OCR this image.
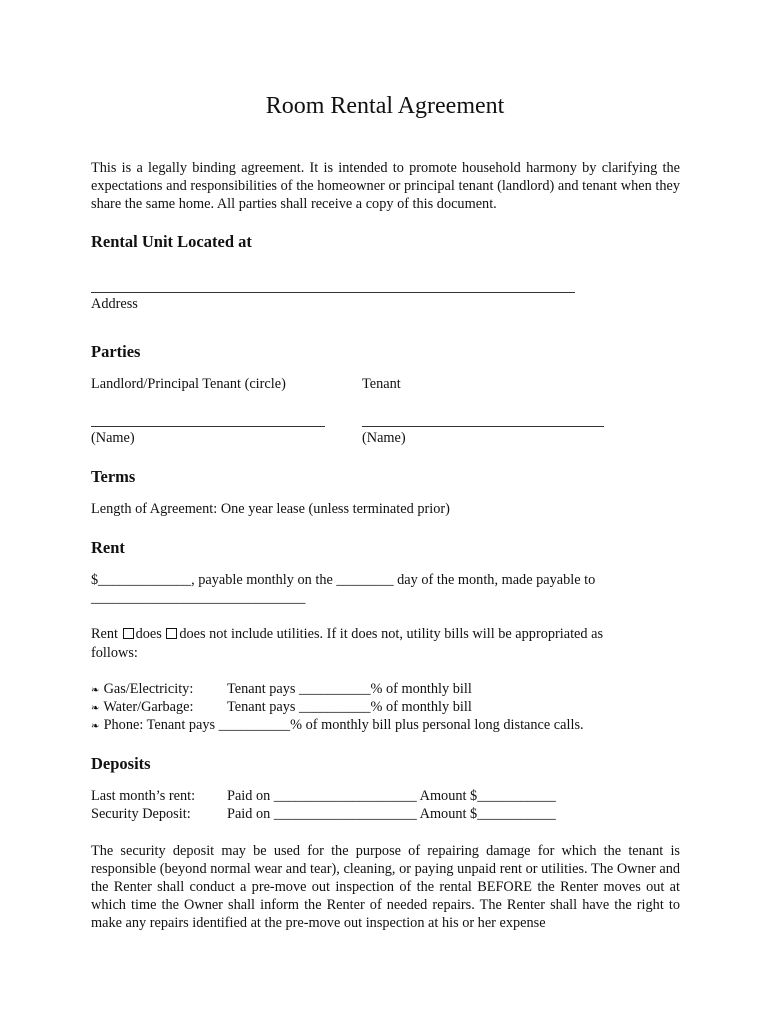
Room Rental Agreement
This is a legally binding agreement. It is intended to promote household harmony by clarifying the expectations and responsibilities of the homeowner or principal tenant (landlord) and tenant when they share the same home. All parties shall receive a copy of this document.
Rental Unit Located at
Address
Parties
Landlord/Principal Tenant (circle)	Tenant
(Name)	(Name)
Terms
Length of Agreement: One year lease (unless terminated prior)
Rent
$_____________, payable monthly on the ________ day of the month, made payable to
______________________________
Rent does does not include utilities. If it does not, utility bills will be appropriated as
follows:
❧ Gas/Electricity: Tenant pays __________% of monthly bill
❧ Water/Garbage: Tenant pays __________% of monthly bill
❧ Phone: Tenant pays __________% of monthly bill plus personal long distance calls.
Deposits
Last month’s rent: Paid on ____________________ Amount $___________
Security Deposit:	Paid on ____________________ Amount $___________
The security deposit may be used for the purpose of repairing damage for which the tenant is responsible (beyond normal wear and tear), cleaning, or paying unpaid rent or utilities. The Owner and the Renter shall conduct a pre-move out inspection of the rental BEFORE the Renter moves out at which time the Owner shall inform the Renter of needed repairs. The Renter shall have the right to make any repairs identified at the pre-move out inspection at his or her expense
